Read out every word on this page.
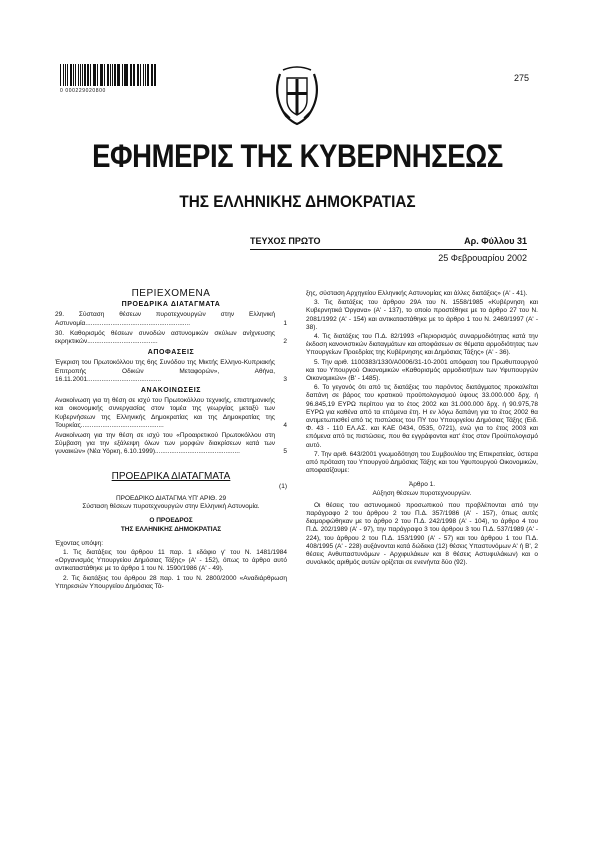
0 000229020800
275
ΕΦΗΜΕΡΙΣ ΤΗΣ ΚΥΒΕΡΝΗΣΕΩΣ
ΤΗΣ ΕΛΛΗΝΙΚΗΣ ΔΗΜΟΚΡΑΤΙΑΣ
ΤΕΥΧΟΣ ΠΡΩΤΟ	Αρ. Φύλλου 31
25 Φεβρουαρίου 2002
ΠΕΡΙΕΧΟΜΕΝΑ
ΠΡΟΕΔΡΙΚΑ ΔΙΑΤΑΓΜΑΤΑ
29. Σύσταση θέσεων πυροτεχνουργών στην Ελληνική Αστυνομία..........................................................	1
30. Καθορισμός θέσεων συνοδών αστυνομικών σκύλων ανίχνευσης εκρηκτικών.......................................	2
ΑΠΟΦΑΣΕΙΣ
Έγκριση του Πρωτοκόλλου της 6ης Συνόδου της Μικτής Ελληνο-Κυπριακής Επιτροπής Οδικών Μεταφορών», Αθήνα, 16.11.2001.........................................	3
ΑΝΑΚΟΙΝΩΣΕΙΣ
Ανακοίνωση για τη θέση σε ισχύ του Πρωτοκόλλου τεχνικής, επιστημονικής και οικονομικής συνεργασίας στον τομέα της γεωργίας μεταξύ των Κυβερνήσεων της Ελληνικής Δημοκρατίας και της Δημοκρατίας της Τουρκίας..............................................	4
Ανακοίνωση για την θέση σε ισχύ του «Προαιρετικού Πρωτοκόλλου στη Σύμβαση για την εξάλειψη όλων των μορφών διακρίσεων κατά των γυναικών» (Νέα Υόρκη, 6.10.1999)...............................................	5
ΠΡΟΕΔΡΙΚΑ ΔΙΑΤΑΓΜΑΤΑ
(1)
ΠΡΟΕΔΡΙΚΟ ΔΙΑΤΑΓΜΑ ΥΠ' ΑΡΙΘ. 29
Σύσταση θέσεων πυροτεχνουργών στην Ελληνική Αστυνομία.
Ο ΠΡΟΕΔΡΟΣ
ΤΗΣ ΕΛΛΗΝΙΚΗΣ ΔΗΜΟΚΡΑΤΙΑΣ
Έχοντας υπόψη:
1. Τις διατάξεις του άρθρου 11 παρ. 1 εδάφιο γ' του Ν. 1481/1984 «Οργανισμός Υπουργείου Δημόσιας Τάξης» (Α' - 152), όπως το άρθρο αυτό αντικαταστάθηκε με το άρθρο 1 του Ν. 1590/1986 (Α' - 49).
2. Τις διατάξεις του άρθρου 28 παρ. 1 του Ν. 2800/2000 «Αναδιάρθρωση Υπηρεσιών Υπουργείου Δημόσιας Τά-
ξης, σύσταση Αρχηγείου Ελληνικής Αστυνομίας και άλλες διατάξεις» (Α' - 41).
3. Τις διατάξεις του άρθρου 29Α του Ν. 1558/1985 «Κυβέρνηση και Κυβερνητικά Όργανα» (Α' - 137), το οποίο προστέθηκε με το άρθρο 27 του Ν. 2081/1992 (Α' - 154) και αντικαταστάθηκε με το άρθρο 1 του Ν. 2469/1997 (Α' - 38).
4. Τις διατάξεις του Π.Δ. 82/1993 «Περιορισμός συναρμοδιότητας κατά την έκδοση κανονιστικών διαταγμάτων και αποφάσεων σε θέματα αρμοδιότητας των Υπουργείων Προεδρίας της Κυβέρνησης και Δημόσιας Τάξης» (Α' - 36).
5. Την αριθ. 1100383/1330/Α0006/31-10-2001 απόφαση του Πρωθυπουργού και του Υπουργού Οικονομικών «Καθορισμός αρμοδιοτήτων των Υφυπουργών Οικονομικών» (Β' - 1485).
6. Το γεγονός ότι από τις διατάξεις του παρόντος διατάγματος προκαλείται δαπάνη σε βάρος του κρατικού προϋπολογισμού ύψους 33.000.000 δρχ. ή 96.845,19 ΕΥΡΩ περίπου για το έτος 2002 και 31.000.000 δρχ. ή 90.975,78 ΕΥΡΩ για καθένα από τα επόμενα έτη. Η εν λόγω δαπάνη για το έτος 2002 θα αντιμετωπισθεί από τις πιστώσεις του ΠΥ του Υπουργείου Δημόσιας Τάξης (Ειδ. Φ. 43 - 110 ΕΛ.ΑΣ. και ΚΑΕ 0434, 0535, 0721), ενώ για το έτος 2003 και επόμενα από τις πιστώσεις, που θα εγγράφονται κατ' έτος στον Προϋπολογισμό αυτό.
7. Την αριθ. 643/2001 γνωμοδότηση του Συμβουλίου της Επικρατείας, ύστερα από πρόταση του Υπουργού Δημόσιας Τάξης και του Υφυπουργού Οικονομικών, αποφασίζουμε:
Άρθρο 1.
Αύξηση θέσεων πυροτεχνουργών.
Οι θέσεις του αστυνομικού προσωπικού που προβλέπονται από την παράγραφο 2 του άρθρου 2 του Π.Δ. 357/1986 (Α' - 157), όπως αυτές διαμορφώθηκαν με το άρθρο 2 του Π.Δ. 242/1998 (Α' - 104), το άρθρο 4 του Π.Δ. 202/1989 (Α' - 97), την παράγραφο 3 του άρθρου 3 του Π.Δ. 537/1989 (Α' - 224), του άρθρου 2 του Π.Δ. 153/1990 (Α' - 57) και του άρθρου 1 του Π.Δ. 408/1995 (Α' - 228) αυξάνονται κατά δώδεκα (12) θέσεις Υπαστυνόμων Α' ή Β', 2 θέσεις Ανθυπαστυνόμων - Αρχιφυλάκων και 8 θέσεις Αστυφυλάκων) και ο συνολικός αριθμός αυτών ορίζεται σε ενενήντα δύο (92).
